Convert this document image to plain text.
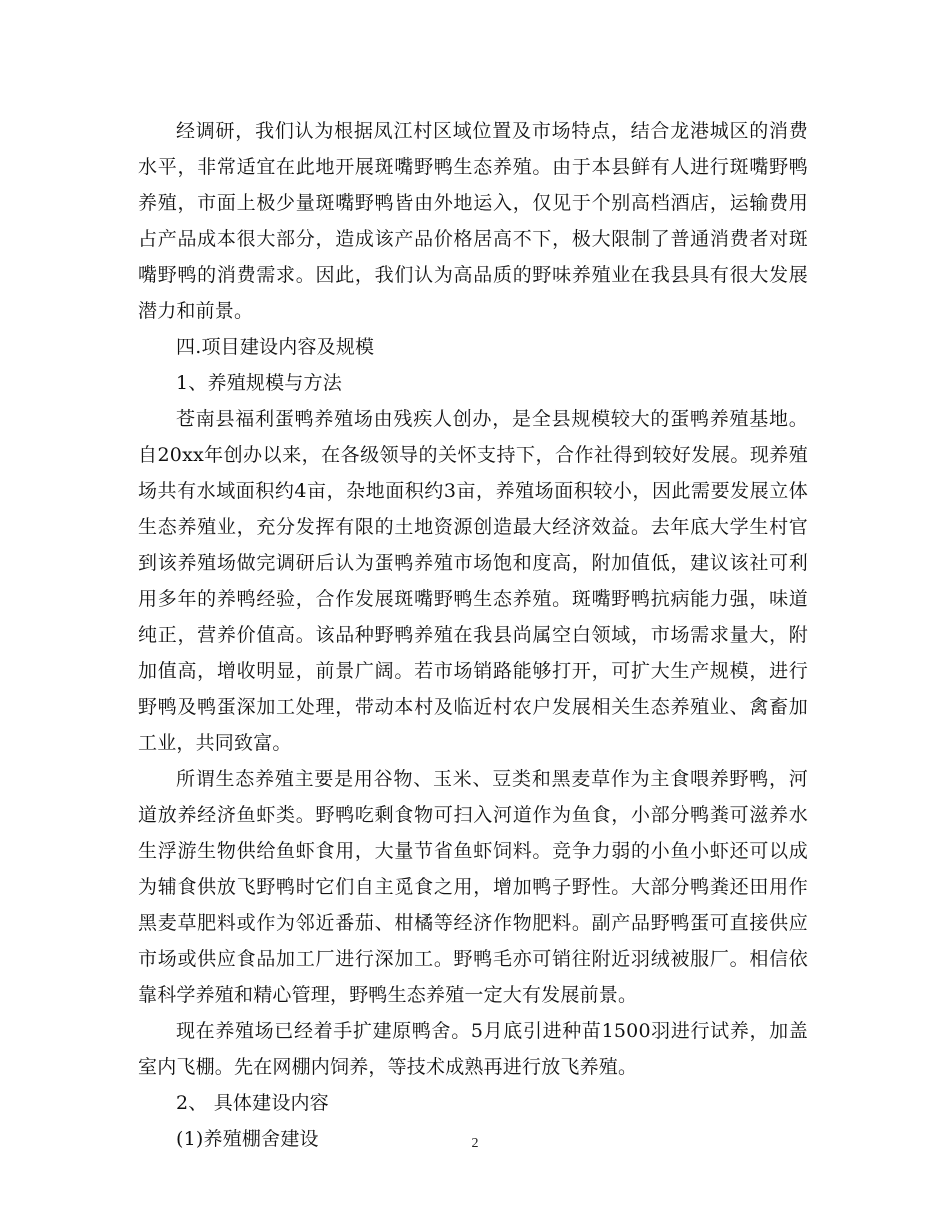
经调研，我们认为根据凤江村区域位置及市场特点，结合龙港城区的消费水平，非常适宜在此地开展斑嘴野鸭生态养殖。由于本县鲜有人进行斑嘴野鸭养殖，市面上极少量斑嘴野鸭皆由外地运入，仅见于个别高档酒店，运输费用占产品成本很大部分，造成该产品价格居高不下，极大限制了普通消费者对斑嘴野鸭的消费需求。因此，我们认为高品质的野味养殖业在我县具有很大发展潜力和前景。

四.项目建设内容及规模

1、养殖规模与方法

苍南县福利蛋鸭养殖场由残疾人创办，是全县规模较大的蛋鸭养殖基地。自20xx年创办以来，在各级领导的关怀支持下，合作社得到较好发展。现养殖场共有水域面积约4亩，杂地面积约3亩，养殖场面积较小，因此需要发展立体生态养殖业，充分发挥有限的土地资源创造最大经济效益。去年底大学生村官到该养殖场做完调研后认为蛋鸭养殖市场饱和度高，附加值低，建议该社可利用多年的养鸭经验，合作发展斑嘴野鸭生态养殖。斑嘴野鸭抗病能力强，味道纯正，营养价值高。该品种野鸭养殖在我县尚属空白领域，市场需求量大，附加值高，增收明显，前景广阔。若市场销路能够打开，可扩大生产规模，进行野鸭及鸭蛋深加工处理，带动本村及临近村农户发展相关生态养殖业、禽畜加工业，共同致富。

所谓生态养殖主要是用谷物、玉米、豆类和黑麦草作为主食喂养野鸭，河道放养经济鱼虾类。野鸭吃剩食物可扫入河道作为鱼食，小部分鸭粪可滋养水生浮游生物供给鱼虾食用，大量节省鱼虾饲料。竞争力弱的小鱼小虾还可以成为辅食供放飞野鸭时它们自主觅食之用，增加鸭子野性。大部分鸭粪还田用作黑麦草肥料或作为邻近番茄、柑橘等经济作物肥料。副产品野鸭蛋可直接供应市场或供应食品加工厂进行深加工。野鸭毛亦可销往附近羽绒被服厂。相信依靠科学养殖和精心管理，野鸭生态养殖一定大有发展前景。

现在养殖场已经着手扩建原鸭舍。5月底引进种苗1500羽进行试养，加盖室内飞棚。先在网棚内饲养，等技术成熟再进行放飞养殖。

2、 具体建设内容

(1)养殖棚舍建设	2
